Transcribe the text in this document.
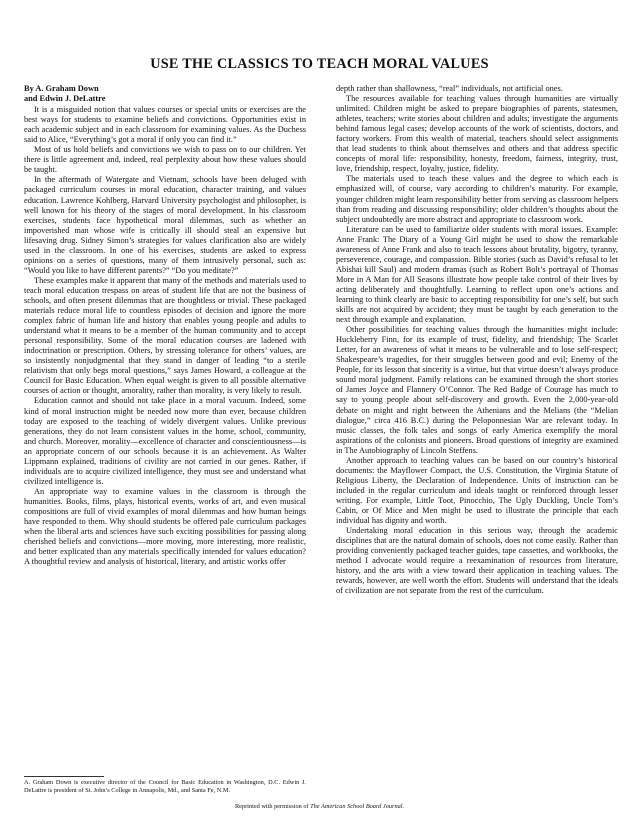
USE THE CLASSICS TO TEACH MORAL VALUES
By A. Graham Down
and Edwin J. DeLattre

It is a misguided notion that values courses or special units or exercises are the best ways for students to examine beliefs and convictions. Opportunities exist in each academic subject and in each classroom for examining values. As the Duchess said to Alice, “Everything’s got a moral if only you can find it.”

Most of us hold beliefs and convictions we wish to pass on to our children. Yet there is little agreement and, indeed, real perplexity about how these values should be taught.

In the aftermath of Watergate and Vietnam, schools have been deluged with packaged curriculum courses in moral education, character training, and values education. Lawrence Kohlberg, Harvard University psychologist and philosopher, is well known for his theory of the stages of moral development. In his classroom exercises, students face hypothetical moral dilemmas, such as whether an impoverished man whose wife is critically ill should steal an expensive but lifesaving drug. Sidney Simon’s strategies for values clarification also are widely used in the classroom. In one of his exercises, students are asked to express opinions on a series of questions, many of them intrusively personal, such as: “Would you like to have different parents?” “Do you meditate?”

These examples make it apparent that many of the methods and materials used to teach moral education trespass on areas of student life that are not the business of schools, and often present dilemmas that are thoughtless or trivial. These packaged materials reduce moral life to countless episodes of decision and ignore the more complex fabric of human life and history that enables young people and adults to understand what it means to be a member of the human community and to accept personal responsibility. Some of the moral education courses are ladened with indoctrination or prescription. Others, by stressing tolerance for others’ values, are so insistently nonjudgmental that they stand in danger of leading “to a sterile relativism that only begs moral questions,” says James Howard, a colleague at the Council for Basic Education. When equal weight is given to all possible alternative courses of action or thought, amorality, rather than morality, is very likely to result.

Education cannot and should not take place in a moral vacuum. Indeed, some kind of moral instruction might be needed now more than ever, because children today are exposed to the teaching of widely divergent values. Unlike previous generations, they do not learn consistent values in the home, school, community, and church. Moreover, morality—excellence of character and conscientiousness—is an appropriate concern of our schools because it is an achievement. As Walter Lippmann explained, traditions of civility are not carried in our genes. Rather, if individuals are to acquire civilized intelligence, they must see and understand what civilized intelligence is.

An appropriate way to examine values in the classroom is through the humanities. Books, films, plays, historical events, works of art, and even musical compositions are full of vivid examples of moral dilemmas and how human beings have responded to them. Why should students be offered pale curriculum packages when the liberal arts and sciences have such exciting possibilities for passing along cherished beliefs and convictions—more moving, more interesting, more realistic, and better explicated than any materials specifically intended for values education? A thoughtful review and analysis of historical, literary, and artistic works offer

depth rather than shallowness, “real” individuals, not artificial ones.

The resources available for teaching values through humanities are virtually unlimited. Children might be asked to prepare biographies of parents, statesmen, athletes, teachers; write stories about children and adults; investigate the arguments behind famous legal cases; develop accounts of the work of scientists, doctors, and factory workers. From this wealth of material, teachers should select assignments that lead students to think about themselves and others and that address specific concepts of moral life: responsibility, honesty, freedom, fairness, integrity, trust, love, friendship, respect, loyalty, justice, fidelity.

The materials used to teach these values and the degree to which each is emphasized will, of course, vary according to children’s maturity. For example, younger children might learn responsibility better from serving as classroom helpers than from reading and discussing responsibility; older children’s thoughts about the subject undoubtedly are more abstract and appropriate to classroom work.

Literature can be used to familiarize older students with moral issues. Example: Anne Frank: The Diary of a Young Girl might be used to show the remarkable awareness of Anne Frank and also to teach lessons about brutality, bigotry, tyranny, perseverence, courage, and compassion. Bible stories (such as David’s refusal to let Abishai kill Saul) and modern dramas (such as Robert Bolt’s portrayal of Thomas More in A Man for All Seasons illustrate how people take control of their lives by acting deliberately and thoughtfully. Learning to reflect upon one’s actions and learning to think clearly are basic to accepting responsibility for one’s self, but such skills are not acquired by accident; they must be taught by each generation to the next through example and explanation.

Other possibilities for teaching values through the humanities might include: Huckleberry Finn, for its example of trust, fidelity, and friendship; The Scarlet Letter, for an awareness of what it means to be vulnerable and to lose self-respect; Shakespeare’s tragedies, for their struggles between good and evil; Enemy of the People, for its lesson that sincerity is a virtue, but that virtue doesn’t always produce sound moral judgment. Family relations can be examined through the short stories of James Joyce and Flannery O’Connor. The Red Badge of Courage has much to say to young people about self-discovery and growth. Even the 2,000-year-old debate on might and right between the Athenians and the Melians (the “Melian dialogue,” circa 416 B.C.) during the Peloponnesian War are relevant today. In music classes, the folk tales and songs of early America exemplify the moral aspirations of the colonists and pioneers. Broad questions of integrity are examined in The Autobiography of Lincoln Steffens.

Another approach to teaching values can be based on our country’s historical documents: the Mayflower Compact, the U.S. Constitution, the Virginia Statute of Religious Liberty, the Declaration of Independence. Units of instruction can be included in the regular curriculum and ideals taught or reinforced through lesser writing. For example, Little Toot, Pinocchio, The Ugly Duckling, Uncle Tom’s Cabin, or Of Mice and Men might be used to illustrate the principle that each individual has dignity and worth.

Undertaking moral education in this serious way, through the academic disciplines that are the natural domain of schools, does not come easily. Rather than providing conveniently packaged teacher guides, tape cassettes, and workbooks, the method I advocate would require a reexamination of resources from literature, history, and the arts with a view toward their application in teaching values. The rewards, however, are well worth the effort. Students will understand that the ideals of civilization are not separate from the rest of the curriculum.

A. Graham Down is executive director of the Council for Basic Education in Washington, D.C. Edwin J. DeLattre is president of St. John’s College in Annapolis, Md., and Santa Fe, N.M.
Reprinted with permission of The American School Board Journal.
